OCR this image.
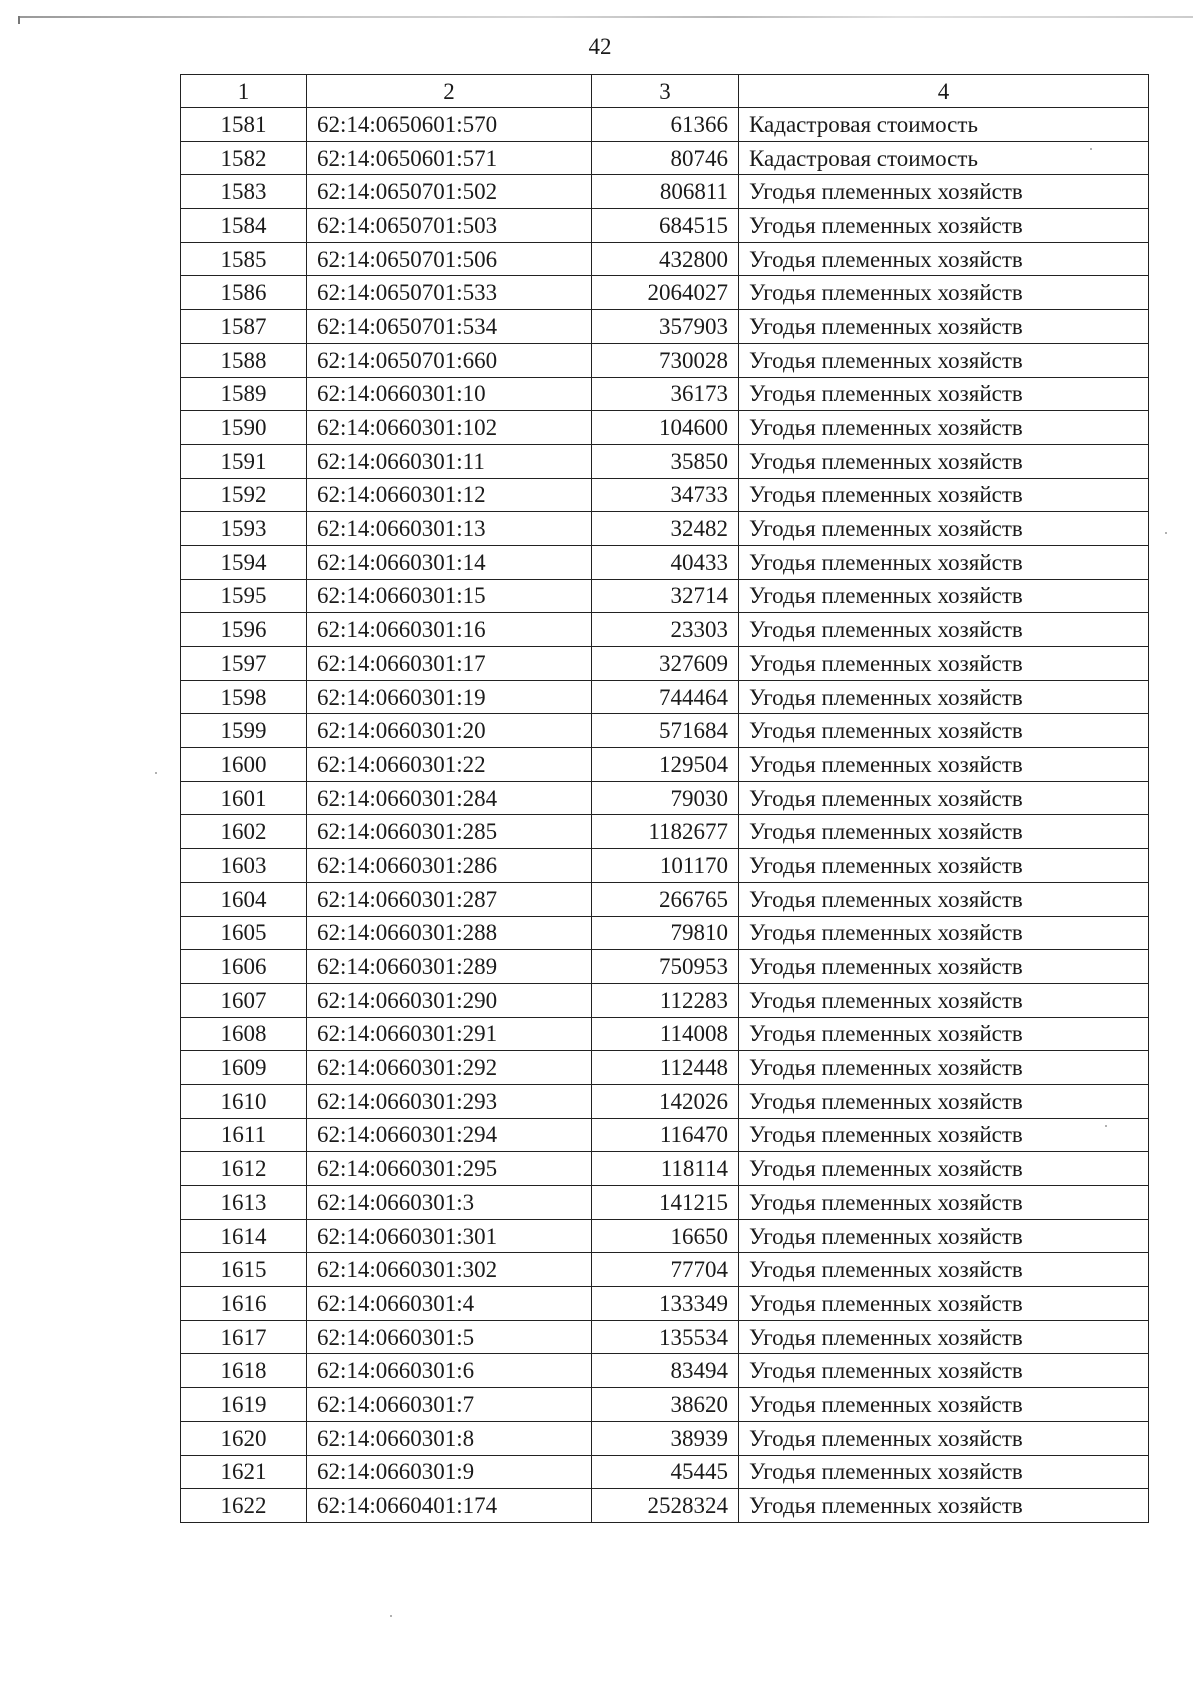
42
1	2	3	4
1581	62:14:0650601:570	61366	Кадастровая стоимость
1582	62:14:0650601:571	80746	Кадастровая стоимость
1583	62:14:0650701:502	806811	Угодья племенных хозяйств
1584	62:14:0650701:503	684515	Угодья племенных хозяйств
1585	62:14:0650701:506	432800	Угодья племенных хозяйств
1586	62:14:0650701:533	2064027	Угодья племенных хозяйств
1587	62:14:0650701:534	357903	Угодья племенных хозяйств
1588	62:14:0650701:660	730028	Угодья племенных хозяйств
1589	62:14:0660301:10	36173	Угодья племенных хозяйств
1590	62:14:0660301:102	104600	Угодья племенных хозяйств
1591	62:14:0660301:11	35850	Угодья племенных хозяйств
1592	62:14:0660301:12	34733	Угодья племенных хозяйств
1593	62:14:0660301:13	32482	Угодья племенных хозяйств
1594	62:14:0660301:14	40433	Угодья племенных хозяйств
1595	62:14:0660301:15	32714	Угодья племенных хозяйств
1596	62:14:0660301:16	23303	Угодья племенных хозяйств
1597	62:14:0660301:17	327609	Угодья племенных хозяйств
1598	62:14:0660301:19	744464	Угодья племенных хозяйств
1599	62:14:0660301:20	571684	Угодья племенных хозяйств
1600	62:14:0660301:22	129504	Угодья племенных хозяйств
1601	62:14:0660301:284	79030	Угодья племенных хозяйств
1602	62:14:0660301:285	1182677	Угодья племенных хозяйств
1603	62:14:0660301:286	101170	Угодья племенных хозяйств
1604	62:14:0660301:287	266765	Угодья племенных хозяйств
1605	62:14:0660301:288	79810	Угодья племенных хозяйств
1606	62:14:0660301:289	750953	Угодья племенных хозяйств
1607	62:14:0660301:290	112283	Угодья племенных хозяйств
1608	62:14:0660301:291	114008	Угодья племенных хозяйств
1609	62:14:0660301:292	112448	Угодья племенных хозяйств
1610	62:14:0660301:293	142026	Угодья племенных хозяйств
1611	62:14:0660301:294	116470	Угодья племенных хозяйств
1612	62:14:0660301:295	118114	Угодья племенных хозяйств
1613	62:14:0660301:3	141215	Угодья племенных хозяйств
1614	62:14:0660301:301	16650	Угодья племенных хозяйств
1615	62:14:0660301:302	77704	Угодья племенных хозяйств
1616	62:14:0660301:4	133349	Угодья племенных хозяйств
1617	62:14:0660301:5	135534	Угодья племенных хозяйств
1618	62:14:0660301:6	83494	Угодья племенных хозяйств
1619	62:14:0660301:7	38620	Угодья племенных хозяйств
1620	62:14:0660301:8	38939	Угодья племенных хозяйств
1621	62:14:0660301:9	45445	Угодья племенных хозяйств
1622	62:14:0660401:174	2528324	Угодья племенных хозяйств
